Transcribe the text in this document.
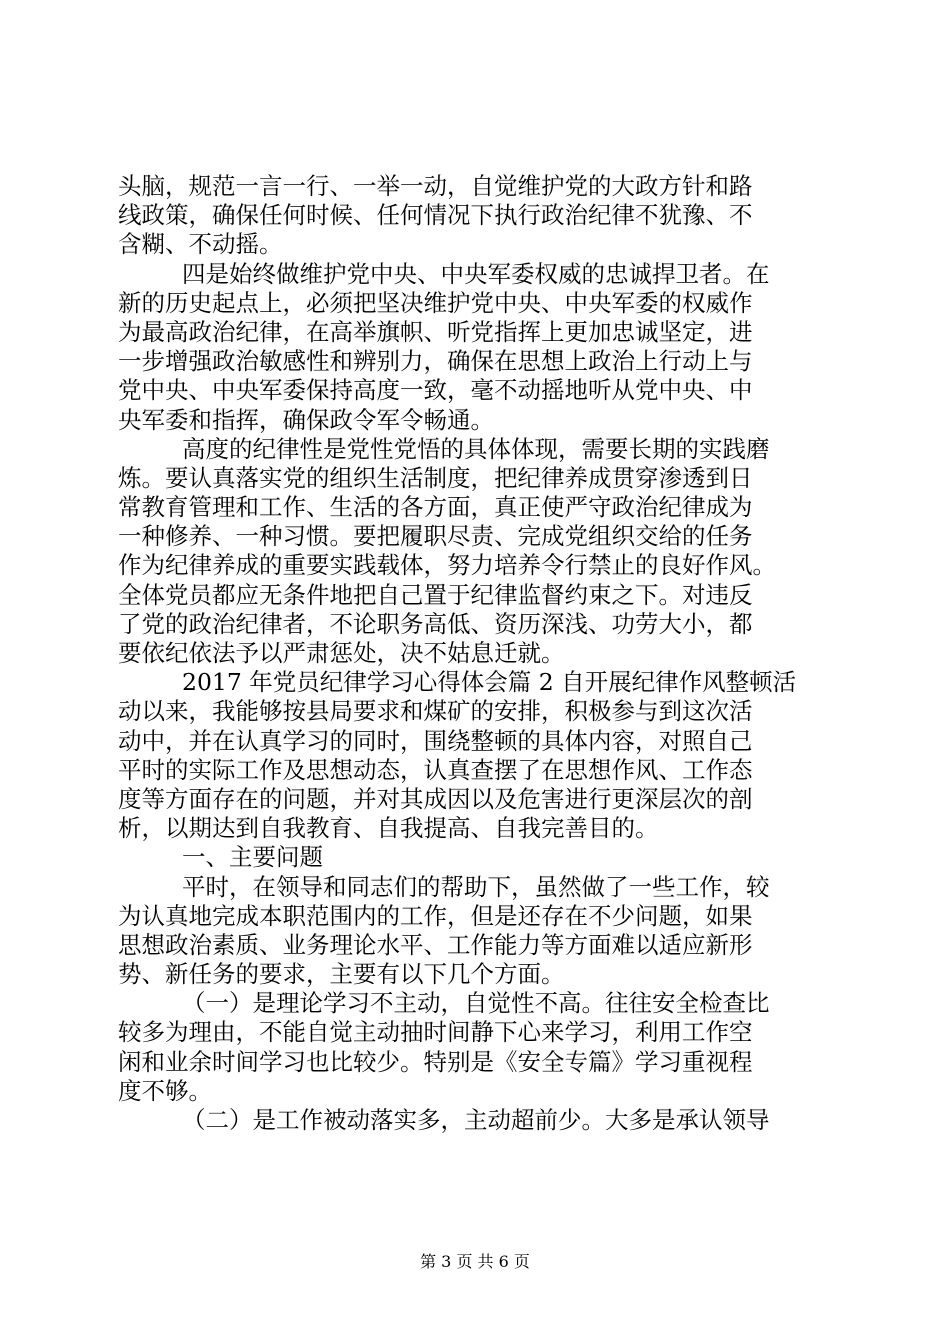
头脑，规范一言一行、一举一动，自觉维护党的大政方针和路
线政策，确保任何时候、任何情况下执行政治纪律不犹豫、不
含糊、不动摇。
四是始终做维护党中央、中央军委权威的忠诚捍卫者。在
新的历史起点上，必须把坚决维护党中央、中央军委的权威作
为最高政治纪律，在高举旗帜、听党指挥上更加忠诚坚定，进
一步增强政治敏感性和辨别力，确保在思想上政治上行动上与
党中央、中央军委保持高度一致，毫不动摇地听从党中央、中
央军委和指挥，确保政令军令畅通。
高度的纪律性是党性党悟的具体体现，需要长期的实践磨
炼。要认真落实党的组织生活制度，把纪律养成贯穿渗透到日
常教育管理和工作、生活的各方面，真正使严守政治纪律成为
一种修养、一种习惯。要把履职尽责、完成党组织交给的任务
作为纪律养成的重要实践载体，努力培养令行禁止的良好作风。
全体党员都应无条件地把自己置于纪律监督约束之下。对违反
了党的政治纪律者，不论职务高低、资历深浅、功劳大小，都
要依纪依法予以严肃惩处，决不姑息迁就。
2017 年党员纪律学习心得体会篇 2 自开展纪律作风整顿活
动以来，我能够按县局要求和煤矿的安排，积极参与到这次活
动中，并在认真学习的同时，围绕整顿的具体内容，对照自己
平时的实际工作及思想动态，认真查摆了在思想作风、工作态
度等方面存在的问题，并对其成因以及危害进行更深层次的剖
析，以期达到自我教育、自我提高、自我完善目的。
一、主要问题
平时，在领导和同志们的帮助下，虽然做了一些工作，较
为认真地完成本职范围内的工作，但是还存在不少问题，如果
思想政治素质、业务理论水平、工作能力等方面难以适应新形
势、新任务的要求，主要有以下几个方面。
（一）是理论学习不主动，自觉性不高。往往安全检查比
较多为理由，不能自觉主动抽时间静下心来学习，利用工作空
闲和业余时间学习也比较少。特别是《安全专篇》学习重视程
度不够。
（二）是工作被动落实多，主动超前少。大多是承认领导
第 3 页 共 6 页
